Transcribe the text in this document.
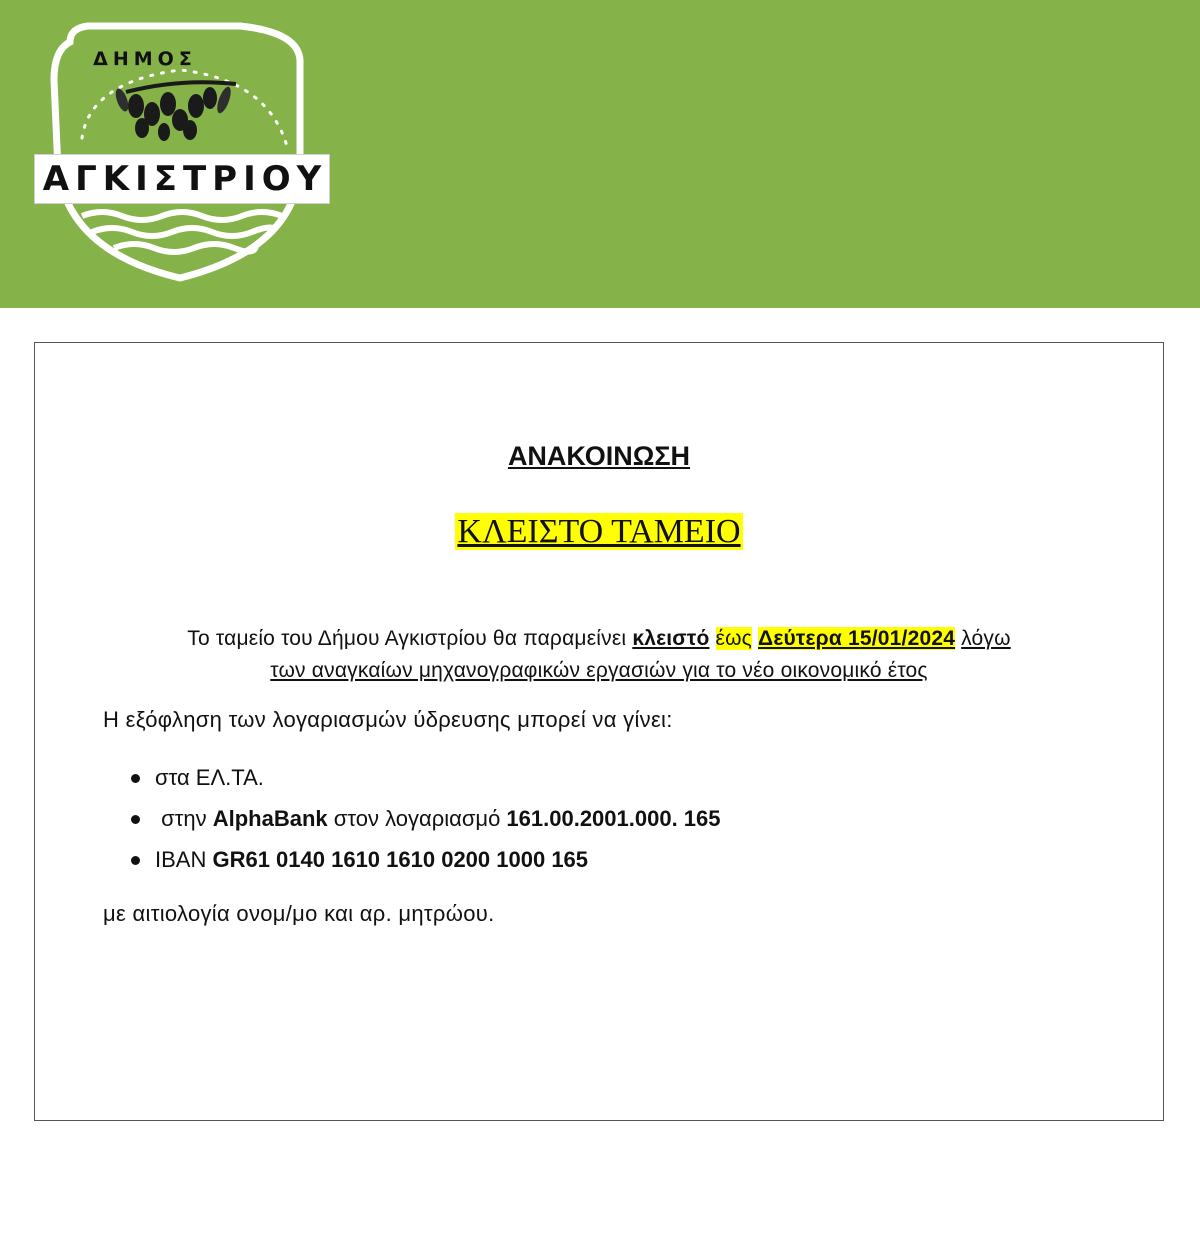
ΔΗΜΟΣ
ΑΓΚΙΣΤΡΙΟΥ
ΑΝΑΚΟΙΝΩΣΗ
ΚΛΕΙΣΤΟ ΤΑΜΕΙΟ
Το ταμείο του Δήμου Αγκιστρίου θα παραμείνει κλειστό έως Δεύτερα 15/01/2024 λόγω
των αναγκαίων μηχανογραφικών εργασιών για το νέο οικονομικό έτος
Η εξόφληση των λογαριασμών ύδρευσης μπορεί να γίνει:
στα ΕΛ.ΤΑ.
στην AlphaBank στον λογαριασμό 161.00.2001.000. 165
IBAN GR61 0140 1610 1610 0200 1000 165
με αιτιολογία ονομ/μο και αρ. μητρώου.
